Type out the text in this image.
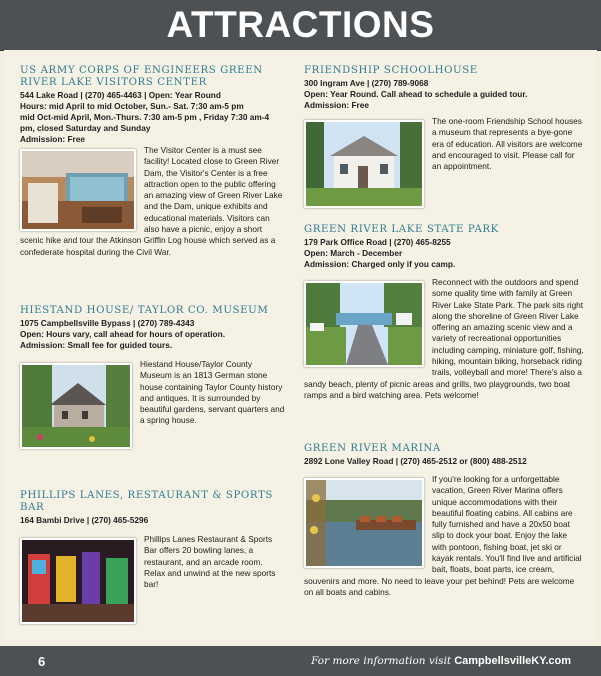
ATTRACTIONS
US ARMY CORPS OF ENGINEERS GREEN RIVER LAKE VISITORS CENTER
544 Lake Road | (270) 465-4463 | Open: Year Round
Hours: mid April to mid October, Sun.- Sat. 7:30 am-5 pm
mid Oct-mid April, Mon.-Thurs. 7:30 am-5 pm , Friday 7:30 am-4 pm, closed Saturday and Sunday
Admission: Free
The Visitor Center is a must see facility! Located close to Green River Dam, the Visitor's Center is a free attraction open to the public offering an amazing view of Green River Lake and the Dam, unique exhibits and educational materials. Visitors can also have a picnic, enjoy a short scenic hike and tour the Atkinson Griffin Log house which served as a confederate hospital during the Civil War.
HIESTAND HOUSE/ TAYLOR CO. MUSEUM
1075 Campbellsville Bypass | (270) 789-4343
Open: Hours vary, call ahead for hours of operation.
Admission: Small fee for guided tours.
Hiestand House/Taylor County Museum is an 1813 German stone house containing Taylor County history and antiques. It is surrounded by beautiful gardens, servant quarters and a spring house.
PHILLIPS LANES, RESTAURANT & SPORTS BAR
164 Bambi Drive | (270) 465-5296
Phillips Lanes Restaurant & Sports Bar offers 20 bowling lanes, a restaurant, and an arcade room. Relax and unwind at the new sports bar!
FRIENDSHIP SCHOOLHOUSE
300 Ingram Ave | (270) 789-9068
Open: Year Round. Call ahead to schedule a guided tour.
Admission: Free
The one-room Friendship School houses a museum that represents a bye-gone era of education. All visitors are welcome and encouraged to visit. Please call for an appointment.
GREEN RIVER LAKE STATE PARK
179 Park Office Road | (270) 465-8255
Open: March - December
Admission: Charged only if you camp.
Reconnect with the outdoors and spend some quality time with family at Green River Lake State Park. The park sits right along the shoreline of Green River Lake offering an amazing scenic view and a variety of recreational opportunities including camping, miniature golf, fishing, hiking, mountain biking, horseback riding trails, volleyball and more! There's also a sandy beach, plenty of picnic areas and grills, two playgrounds, two boat ramps and a bird watching area. Pets welcome!
GREEN RIVER MARINA
2892 Lone Valley Road | (270) 465-2512 or (800) 488-2512
If you're looking for a unforgettable vacation, Green River Marina offers unique accommodations with their beautiful floating cabins. All cabins are fully furnished and have a 20x50 boat slip to dock your boat. Enjoy the lake with pontoon, fishing boat, jet ski or kayak rentals. You'll find live and artificial bait, floats, boat parts, ice cream, souvenirs and more. No need to leave your pet behind! Pets are welcome on all boats and cabins.
6	For more information visit CampbellsvilleKY.com
